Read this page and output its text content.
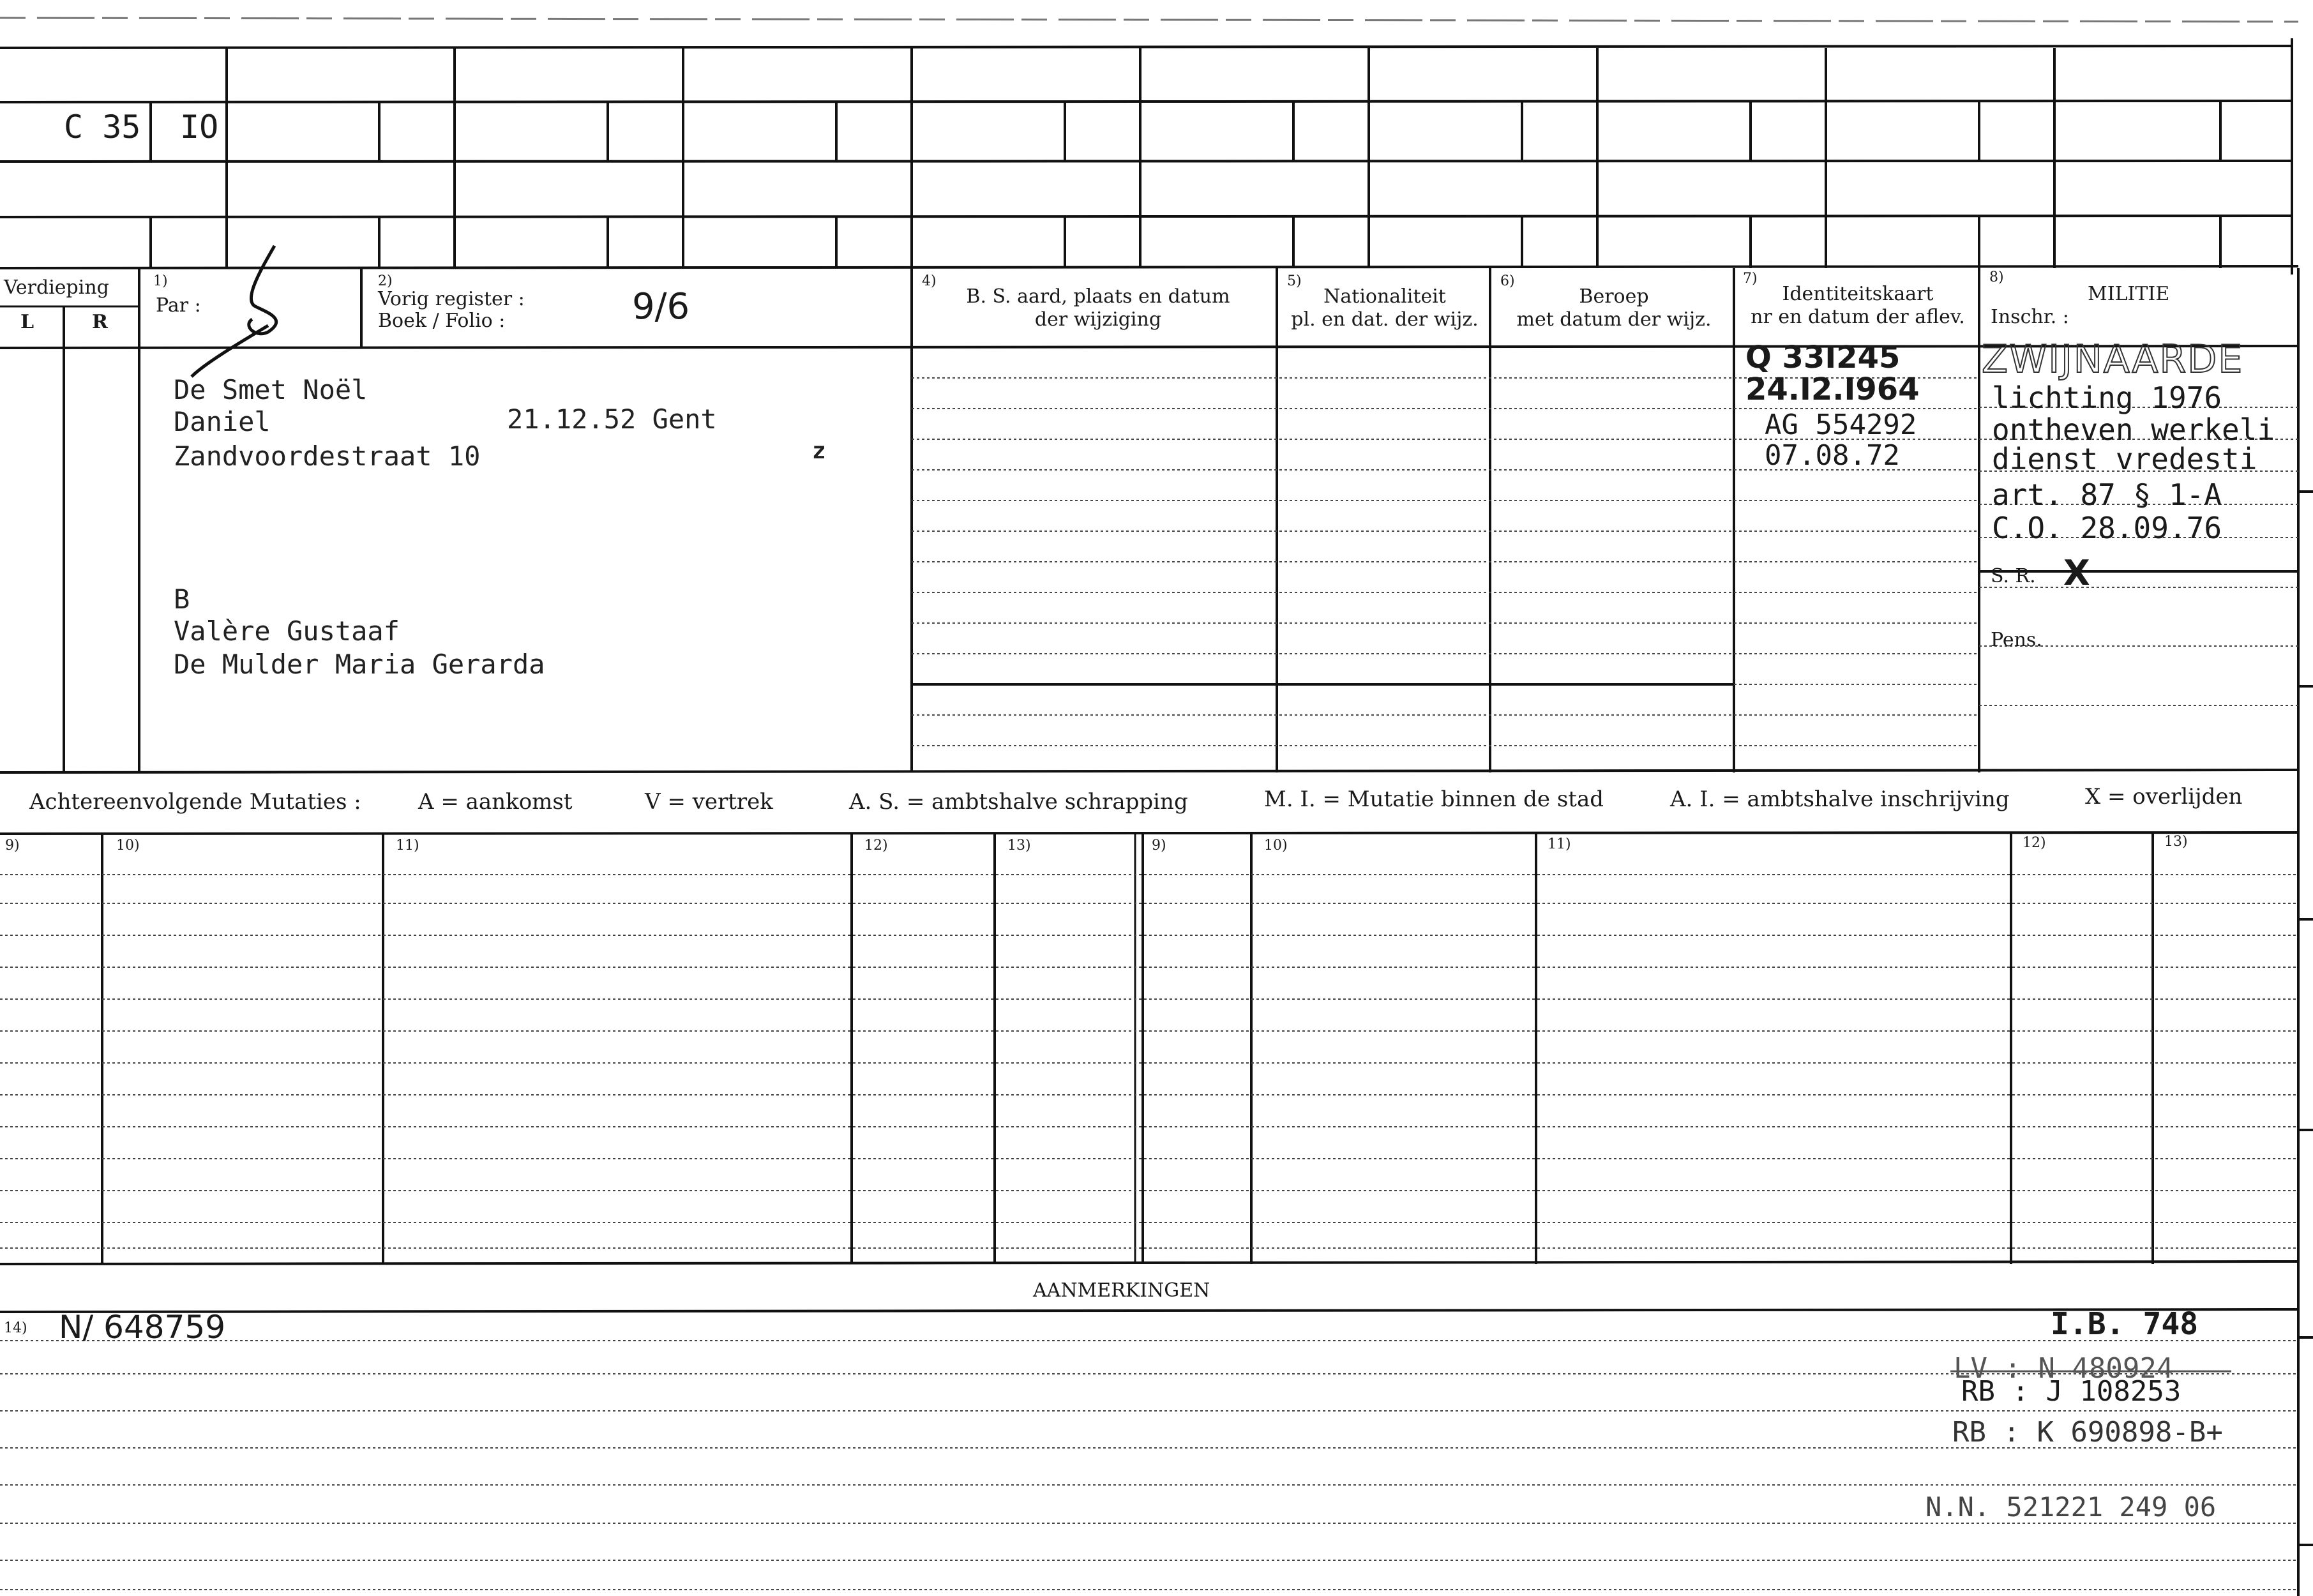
C 35 IO
Verdieping
L	R
1)
Par :
2)
Vorig register :
Boek / Folio :	9/6
4)
B. S. aard, plaats en datum
der wijziging
5)
Nationaliteit
pl. en dat. der wijz.
6)
Beroep
met datum der wijz.
7)
Identiteitskaart
nr en datum der aflev.
8)
MILITIE
Inschr. :
De Smet Noël
Daniel	21.12.52 Gent
Zandvoordestraat 10	z
B
Valère Gustaaf
De Mulder Maria Gerarda
Q 33I245
24.I2.I964
AG 554292
07.08.72
ZWIJNAARDE
lichting 1976
ontheven werkeli
dienst vredesti
art. 87 § 1-A
C.O. 28.09.76
S. R. X
Pens.
Achtereenvolgende Mutaties :	A = aankomst	V = vertrek	A. S. = ambtshalve schrapping	M. I. = Mutatie binnen de stad	A. I. = ambtshalve inschrijving	X = overlijden
9)	10)	11)	12)	13)	9)	10)	11)	12)	13)
AANMERKINGEN
14) N/ 648759	I.B. 748
LV : N 480924
RB : J 108253
RB : K 690898-B+
N.N. 521221 249 06
